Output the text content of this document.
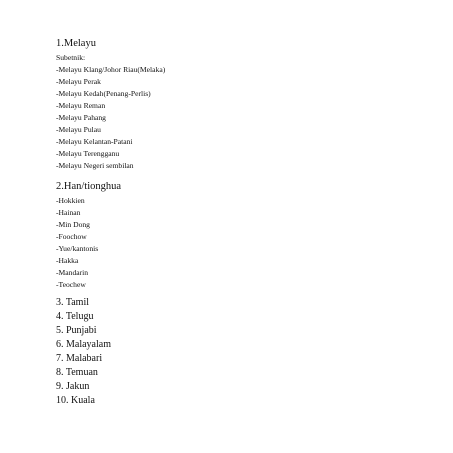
1.Melayu
Subetnik:
-Melayu Klang/Johor Riau(Melaka)
-Melayu Perak
-Melayu Kedah(Penang-Perlis)
-Melayu Reman
-Melayu Pahang
-Melayu Pulau
-Melayu Kelantan-Patani
-Melayu Terengganu
-Melayu Negeri sembilan
2.Han/tionghua
-Hokkien
-Hainan
-Min Dong
-Foochow
-Yue/kantonis
-Hakka
-Mandarin
-Teochew
3. Tamil
4. Telugu
5. Punjabi
6. Malayalam
7. Malabari
8. Temuan
9. Jakun
10. Kuala
